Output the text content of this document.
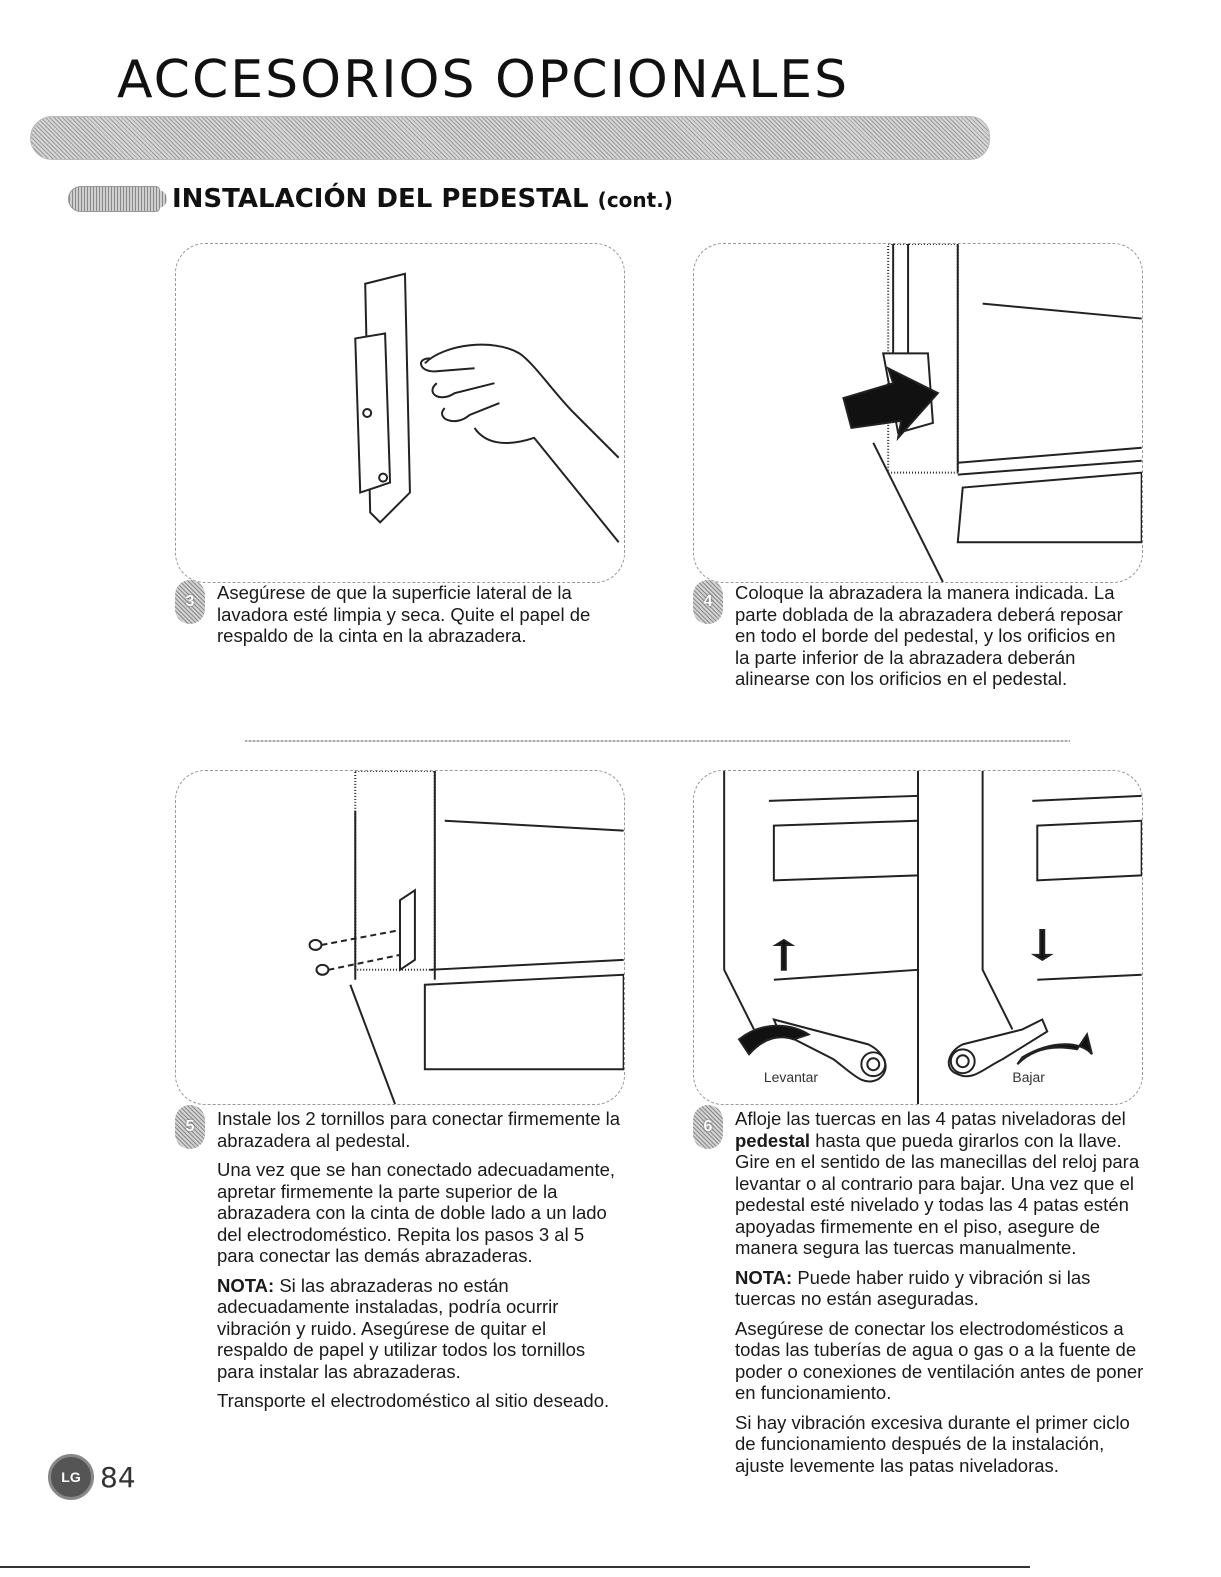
ACCESORIOS OPCIONALES
INSTALACIÓN DEL PEDESTAL (cont.)
3	Asegúrese de que la superficie lateral de la lavadora esté limpia y seca. Quite el papel de respaldo de la cinta en la abrazadera.

4	Coloque la abrazadera la manera indicada. La parte doblada de la abrazadera deberá reposar en todo el borde del pedestal, y los orificios en la parte inferior de la abrazadera deberán alinearse con los orificios en el pedestal.

5	Instale los 2 tornillos para conectar firmemente la abrazadera al pedestal.

Una vez que se han conectado adecuadamente, apretar firmemente la parte superior de la abrazadera con la cinta de doble lado a un lado del electrodoméstico. Repita los pasos 3 al 5 para conectar las demás abrazaderas.

NOTA: Si las abrazaderas no están adecuadamente instaladas, podría ocurrir vibración y ruido. Asegúrese de quitar el respaldo de papel y utilizar todos los tornillos para instalar las abrazaderas.

Transporte el electrodoméstico al sitio deseado.

Levantar	Bajar
6	Afloje las tuercas en las 4 patas niveladoras del pedestal hasta que pueda girarlos con la llave. Gire en el sentido de las manecillas del reloj para levantar o al contrario para bajar. Una vez que el pedestal esté nivelado y todas las 4 patas estén apoyadas firmemente en el piso, asegure de manera segura las tuercas manualmente.

NOTA: Puede haber ruido y vibración si las tuercas no están aseguradas.

Asegúrese de conectar los electrodomésticos a todas las tuberías de agua o gas o a la fuente de poder o conexiones de ventilación antes de poner en funcionamiento.

Si hay vibración excesiva durante el primer ciclo de funcionamiento después de la instalación, ajuste levemente las patas niveladoras.

LG 84
